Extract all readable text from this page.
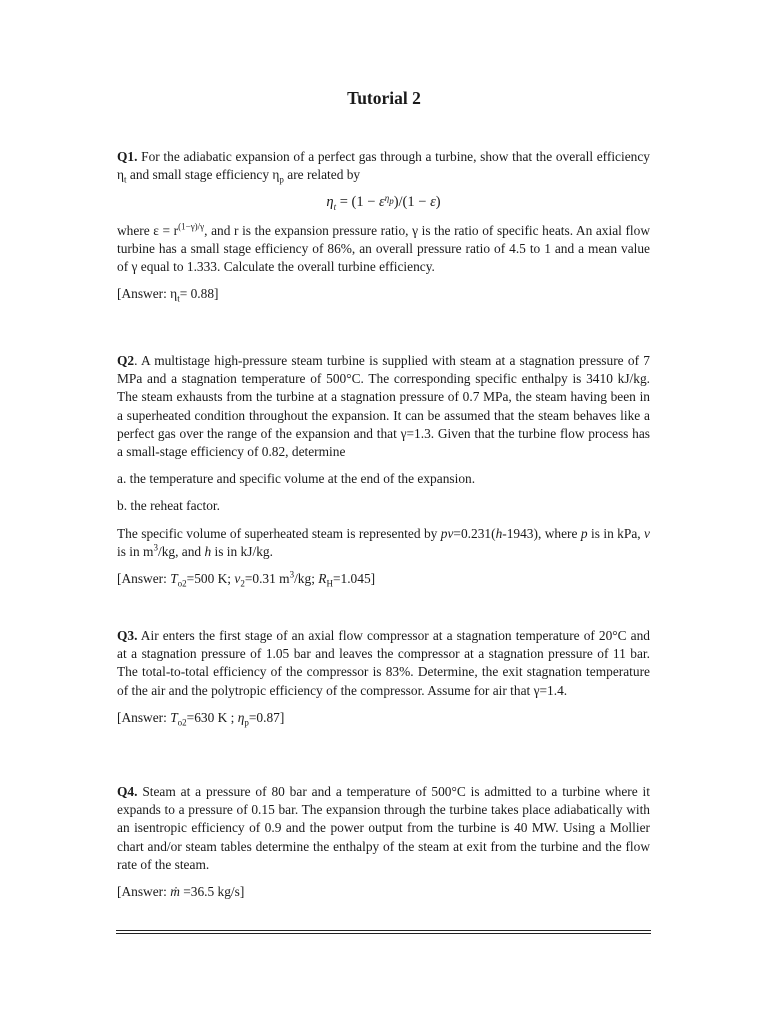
Tutorial 2

Q1. For the adiabatic expansion of a perfect gas through a turbine, show that the overall efficiency $\eta_t$ and small stage efficiency $\eta_p$ are related by

$\eta_t = (1 - \varepsilon^{\eta_p})/(1 - \varepsilon)$

where $\varepsilon = r^{(1-\gamma)/\gamma}$, and r is the expansion pressure ratio, γ is the ratio of specific heats. An axial flow turbine has a small stage efficiency of 86%, an overall pressure ratio of 4.5 to 1 and a mean value of γ equal to 1.333. Calculate the overall turbine efficiency.

[Answer: $\eta_t= 0.88$]

Q2. A multistage high-pressure steam turbine is supplied with steam at a stagnation pressure of 7 MPa and a stagnation temperature of 500°C. The corresponding specific enthalpy is 3410 kJ/kg. The steam exhausts from the turbine at a stagnation pressure of 0.7 MPa, the steam having been in a superheated condition throughout the expansion. It can be assumed that the steam behaves like a perfect gas over the range of the expansion and that γ=1.3. Given that the turbine flow process has a small-stage efficiency of 0.82, determine

a. the temperature and specific volume at the end of the expansion.

b. the reheat factor.

The specific volume of superheated steam is represented by pv=0.231(h-1943), where p is in kPa, v is in $m^3/kg$, and h is in kJ/kg.

[Answer: $T_{o2}=500$ K; $v_2=0.31$ $m^3/kg$; $R_H=1.045$]

Q3. Air enters the first stage of an axial flow compressor at a stagnation temperature of 20°C and at a stagnation pressure of 1.05 bar and leaves the compressor at a stagnation pressure of 11 bar. The total-to-total efficiency of the compressor is 83%. Determine, the exit stagnation temperature of the air and the polytropic efficiency of the compressor. Assume for air that γ=1.4.

[Answer: $T_{o2}=630$ K ; $\eta_p=0.87$]

Q4. Steam at a pressure of 80 bar and a temperature of 500°C is admitted to a turbine where it expands to a pressure of 0.15 bar. The expansion through the turbine takes place adiabatically with an isentropic efficiency of 0.9 and the power output from the turbine is 40 MW. Using a Mollier chart and/or steam tables determine the enthalpy of the steam at exit from the turbine and the flow rate of the steam.

[Answer: ṁ =36.5 kg/s]
